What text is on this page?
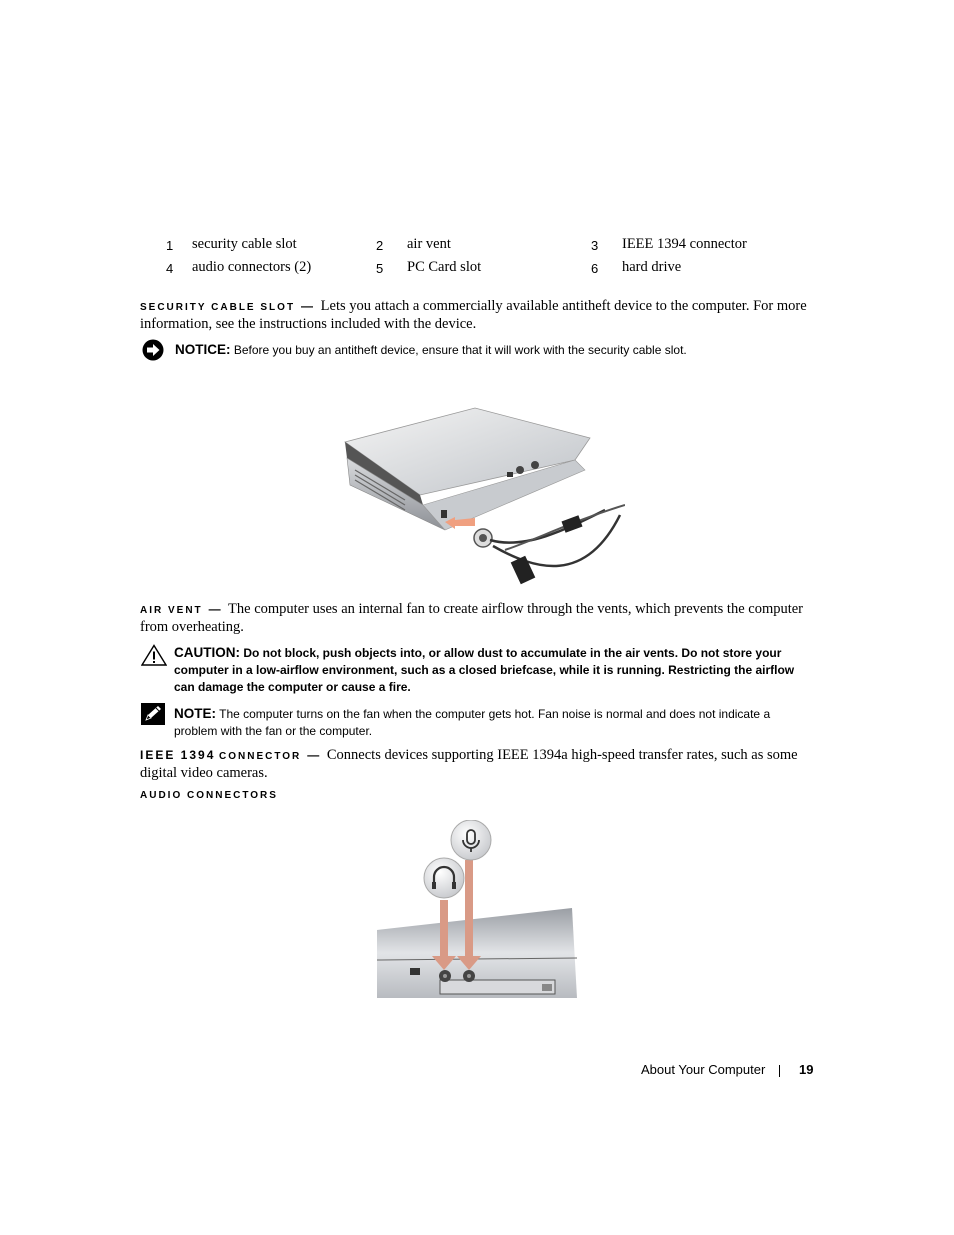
1 security cable slot	2 air vent	3 IEEE 1394 connector
4 audio connectors (2)	5 PC Card slot	6 hard drive
SECURITY CABLE SLOT — Lets you attach a commercially available antitheft device to the computer. For more information, see the instructions included with the device.
NOTICE: Before you buy an antitheft device, ensure that it will work with the security cable slot.
AIR VENT — The computer uses an internal fan to create airflow through the vents, which prevents the computer from overheating.
CAUTION: Do not block, push objects into, or allow dust to accumulate in the air vents. Do not store your computer in a low-airflow environment, such as a closed briefcase, while it is running. Restricting the airflow can damage the computer or cause a fire.
NOTE: The computer turns on the fan when the computer gets hot. Fan noise is normal and does not indicate a problem with the fan or the computer.
IEEE 1394 CONNECTOR — Connects devices supporting IEEE 1394a high-speed transfer rates, such as some digital video cameras.
AUDIO CONNECTORS
About Your Computer	19
